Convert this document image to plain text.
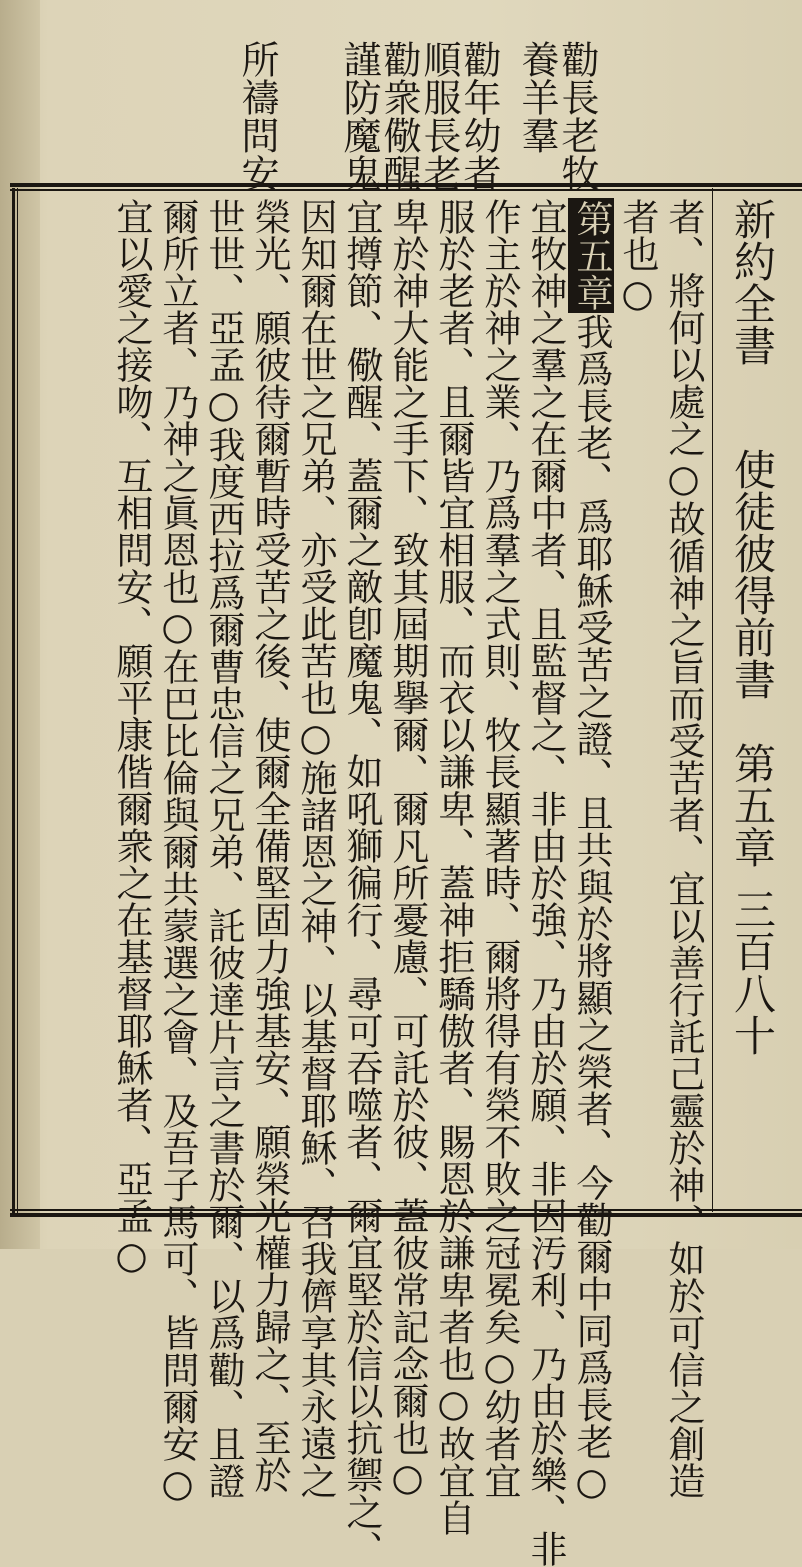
勸長老牧
養羊羣
勸年幼者
順服長老
勸衆儆醒
謹防魔鬼
所禱問安
新約全書
使徒彼得前書　第五章
三百八十
者、將何以處之○故循神之旨而受苦者、宜以善行託己靈於神、如於可信之創造
者也○
第五章我爲長老、爲耶穌受苦之證、且共與於將顯之榮者、今勸爾中同爲長老○
宜牧神之羣之在爾中者、且監督之、非由於強、乃由於願、非因汚利、乃由於樂、非
作主於神之業、乃爲羣之式則、牧長顯著時、爾將得有榮不敗之冠冕矣○幼者宜
服於老者、且爾皆宜相服、而衣以謙卑、蓋神拒驕傲者、賜恩於謙卑者也○故宜自
卑於神大能之手下、致其屆期擧爾、爾凡所憂慮、可託於彼、蓋彼常記念爾也○
宜撙節、儆醒、蓋爾之敵卽魔鬼、如吼獅徧行、尋可吞噬者、爾宜堅於信以抗禦之、
因知爾在世之兄弟、亦受此苦也○施諸恩之神、以基督耶穌、召我儕享其永遠之
榮光、願彼待爾暫時受苦之後、使爾全備堅固力強基安、願榮光權力歸之、至於
世世、亞孟○我度西拉爲爾曹忠信之兄弟、託彼達片言之書於爾、以爲勸、且證
爾所立者、乃神之眞恩也○在巴比倫與爾共蒙選之會、及吾子馬可、皆問爾安○
宜以愛之接吻、互相問安、願平康偕爾衆之在基督耶穌者、亞孟○
